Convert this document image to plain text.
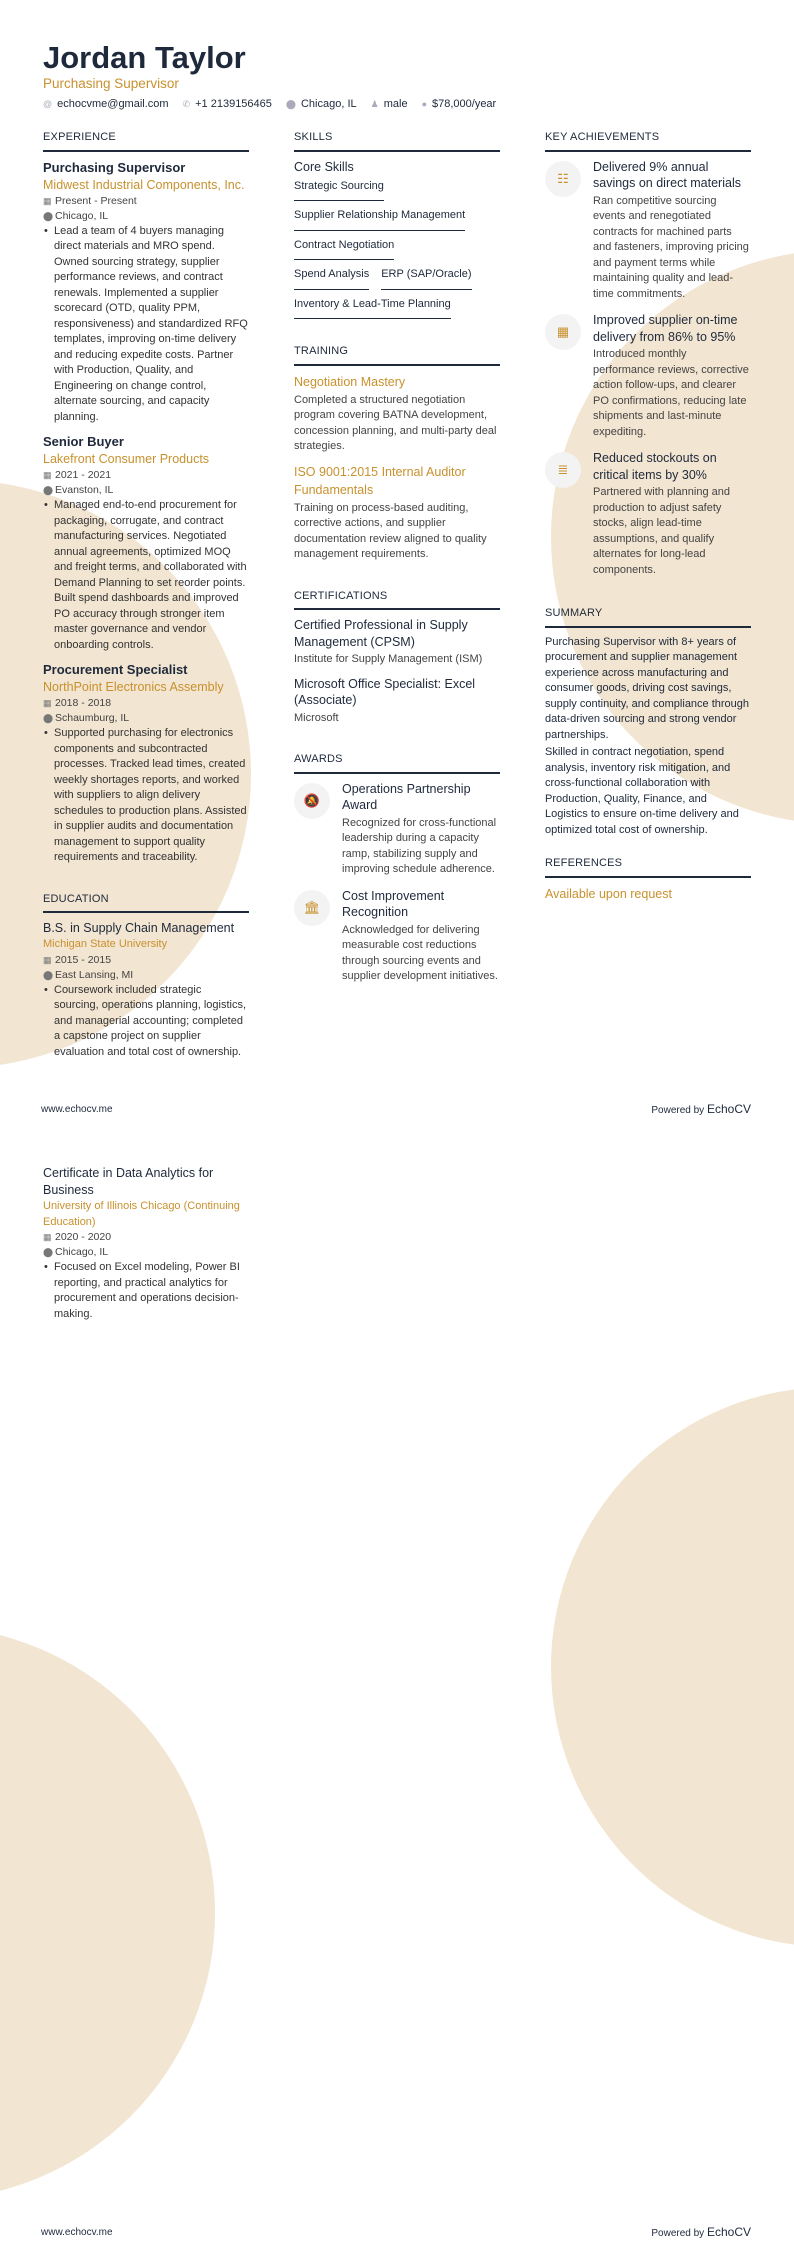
Jordan Taylor
Purchasing Supervisor
@ echocvme@gmail.com ✆ +1 2139156465 ⬤ Chicago, IL ♟ male ● $78,000/year
EXPERIENCE
Purchasing Supervisor
Midwest Industrial Components, Inc.
▦ Present - Present
⬤ Chicago, IL
• Lead a team of 4 buyers managing direct materials and MRO spend. Owned sourcing strategy, supplier performance reviews, and contract renewals. Implemented a supplier scorecard (OTD, quality PPM, responsiveness) and standardized RFQ templates, improving on-time delivery and reducing expedite costs. Partner with Production, Quality, and Engineering on change control, alternate sourcing, and capacity planning.
Senior Buyer
Lakefront Consumer Products
▦ 2021 - 2021
⬤ Evanston, IL
• Managed end-to-end procurement for packaging, corrugate, and contract manufacturing services. Negotiated annual agreements, optimized MOQ and freight terms, and collaborated with Demand Planning to set reorder points. Built spend dashboards and improved PO accuracy through stronger item master governance and vendor onboarding controls.
Procurement Specialist
NorthPoint Electronics Assembly
▦ 2018 - 2018
⬤ Schaumburg, IL
• Supported purchasing for electronics components and subcontracted processes. Tracked lead times, created weekly shortages reports, and worked with suppliers to align delivery schedules to production plans. Assisted in supplier audits and documentation management to support quality requirements and traceability.
EDUCATION
B.S. in Supply Chain Management
Michigan State University
▦ 2015 - 2015
⬤ East Lansing, MI
• Coursework included strategic sourcing, operations planning, logistics, and managerial accounting; completed a capstone project on supplier evaluation and total cost of ownership.
SKILLS
Core Skills
Strategic Sourcing
Supplier Relationship Management
Contract Negotiation
Spend Analysis ERP (SAP/Oracle)
Inventory & Lead-Time Planning
TRAINING
Negotiation Mastery
Completed a structured negotiation program covering BATNA development, concession planning, and multi-party deal strategies.
ISO 9001:2015 Internal Auditor Fundamentals
Training on process-based auditing, corrective actions, and supplier documentation review aligned to quality management requirements.
CERTIFICATIONS
Certified Professional in Supply Management (CPSM)
Institute for Supply Management (ISM)
Microsoft Office Specialist: Excel (Associate)
Microsoft
AWARDS
🔕
Operations Partnership Award
Recognized for cross-functional leadership during a capacity ramp, stabilizing supply and improving schedule adherence.
🏛
Cost Improvement Recognition
Acknowledged for delivering measurable cost reductions through sourcing events and supplier development initiatives.
KEY ACHIEVEMENTS
☷
Delivered 9% annual savings on direct materials
Ran competitive sourcing events and renegotiated contracts for machined parts and fasteners, improving pricing and payment terms while maintaining quality and lead-time commitments.
▦
Improved supplier on-time delivery from 86% to 95%
Introduced monthly performance reviews, corrective action follow-ups, and clearer PO confirmations, reducing late shipments and last-minute expediting.
≣
Reduced stockouts on critical items by 30%
Partnered with planning and production to adjust safety stocks, align lead-time assumptions, and qualify alternates for long-lead components.
SUMMARY

Purchasing Supervisor with 8+ years of procurement and supplier management experience across manufacturing and consumer goods, driving cost savings, supply continuity, and compliance through data-driven sourcing and strong vendor partnerships.

Skilled in contract negotiation, spend analysis, inventory risk mitigation, and cross-functional collaboration with Production, Quality, Finance, and Logistics to ensure on-time delivery and optimized total cost of ownership.

REFERENCES
Available upon request
www.echocv.me	Powered by EchoCV
Certificate in Data Analytics for Business
University of Illinois Chicago (Continuing Education)
▦ 2020 - 2020
⬤ Chicago, IL
• Focused on Excel modeling, Power BI reporting, and practical analytics for procurement and operations decision-making.
www.echocv.me	Powered by EchoCV
